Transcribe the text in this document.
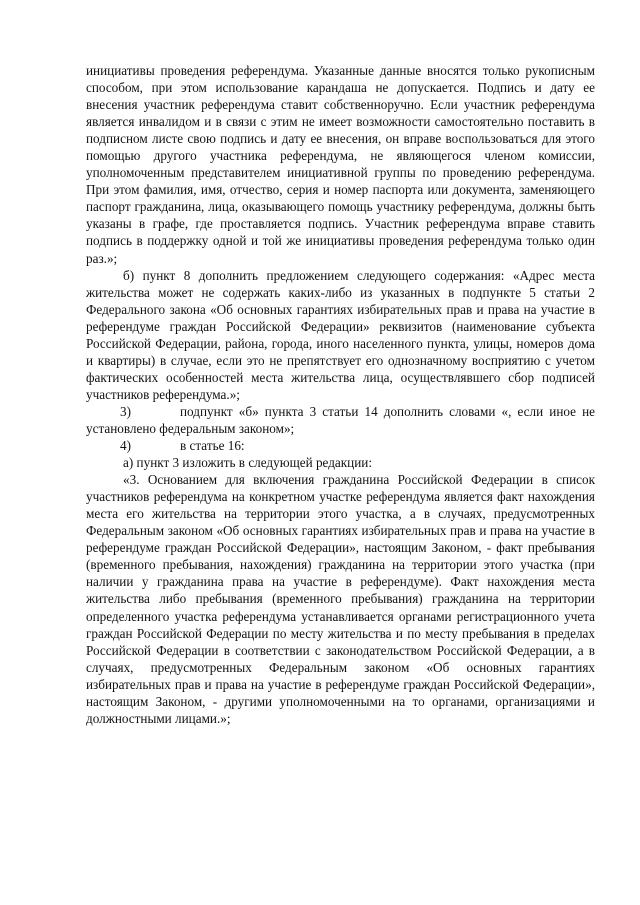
инициативы проведения референдума. Указанные данные вносятся только рукописным способом, при этом использование карандаша не допускается. Подпись и дату ее внесения участник референдума ставит собственноручно. Если участник референдума является инвалидом и в связи с этим не имеет возможности самостоятельно поставить в подписном листе свою подпись и дату ее внесения, он вправе воспользоваться для этого помощью другого участника референдума, не являющегося членом комиссии, уполномоченным представителем инициативной группы по проведению референдума. При этом фамилия, имя, отчество, серия и номер паспорта или документа, заменяющего паспорт гражданина, лица, оказывающего помощь участнику референдума, должны быть указаны в графе, где проставляется подпись. Участник референдума вправе ставить подпись в поддержку одной и той же инициативы проведения референдума только один раз.»;

б) пункт 8 дополнить предложением следующего содержания: «Адрес места жительства может не содержать каких-либо из указанных в подпункте 5 статьи 2 Федерального закона «Об основных гарантиях избирательных прав и права на участие в референдуме граждан Российской Федерации» реквизитов (наименование субъекта Российской Федерации, района, города, иного населенного пункта, улицы, номеров дома и квартиры) в случае, если это не препятствует его однозначному восприятию с учетом фактических особенностей места жительства лица, осуществлявшего сбор подписей участников референдума.»;

3)	подпункт «б» пункта 3 статьи 14 дополнить словами «, если иное не установлено федеральным законом»;

4)	в статье 16:

а) пункт 3 изложить в следующей редакции:

«3. Основанием для включения гражданина Российской Федерации в список участников референдума на конкретном участке референдума является факт нахождения места его жительства на территории этого участка, а в случаях, предусмотренных Федеральным законом «Об основных гарантиях избирательных прав и права на участие в референдуме граждан Российской Федерации», настоящим Законом, - факт пребывания (временного пребывания, нахождения) гражданина на территории этого участка (при наличии у гражданина права на участие в референдуме). Факт нахождения места жительства либо пребывания (временного пребывания) гражданина на территории определенного участка референдума устанавливается органами регистрационного учета граждан Российской Федерации по месту жительства и по месту пребывания в пределах Российской Федерации в соответствии с законодательством Российской Федерации, а в случаях, предусмотренных Федеральным законом «Об основных гарантиях избирательных прав и права на участие в референдуме граждан Российской Федерации», настоящим Законом, - другими уполномоченными на то органами, организациями и должностными лицами.»;
